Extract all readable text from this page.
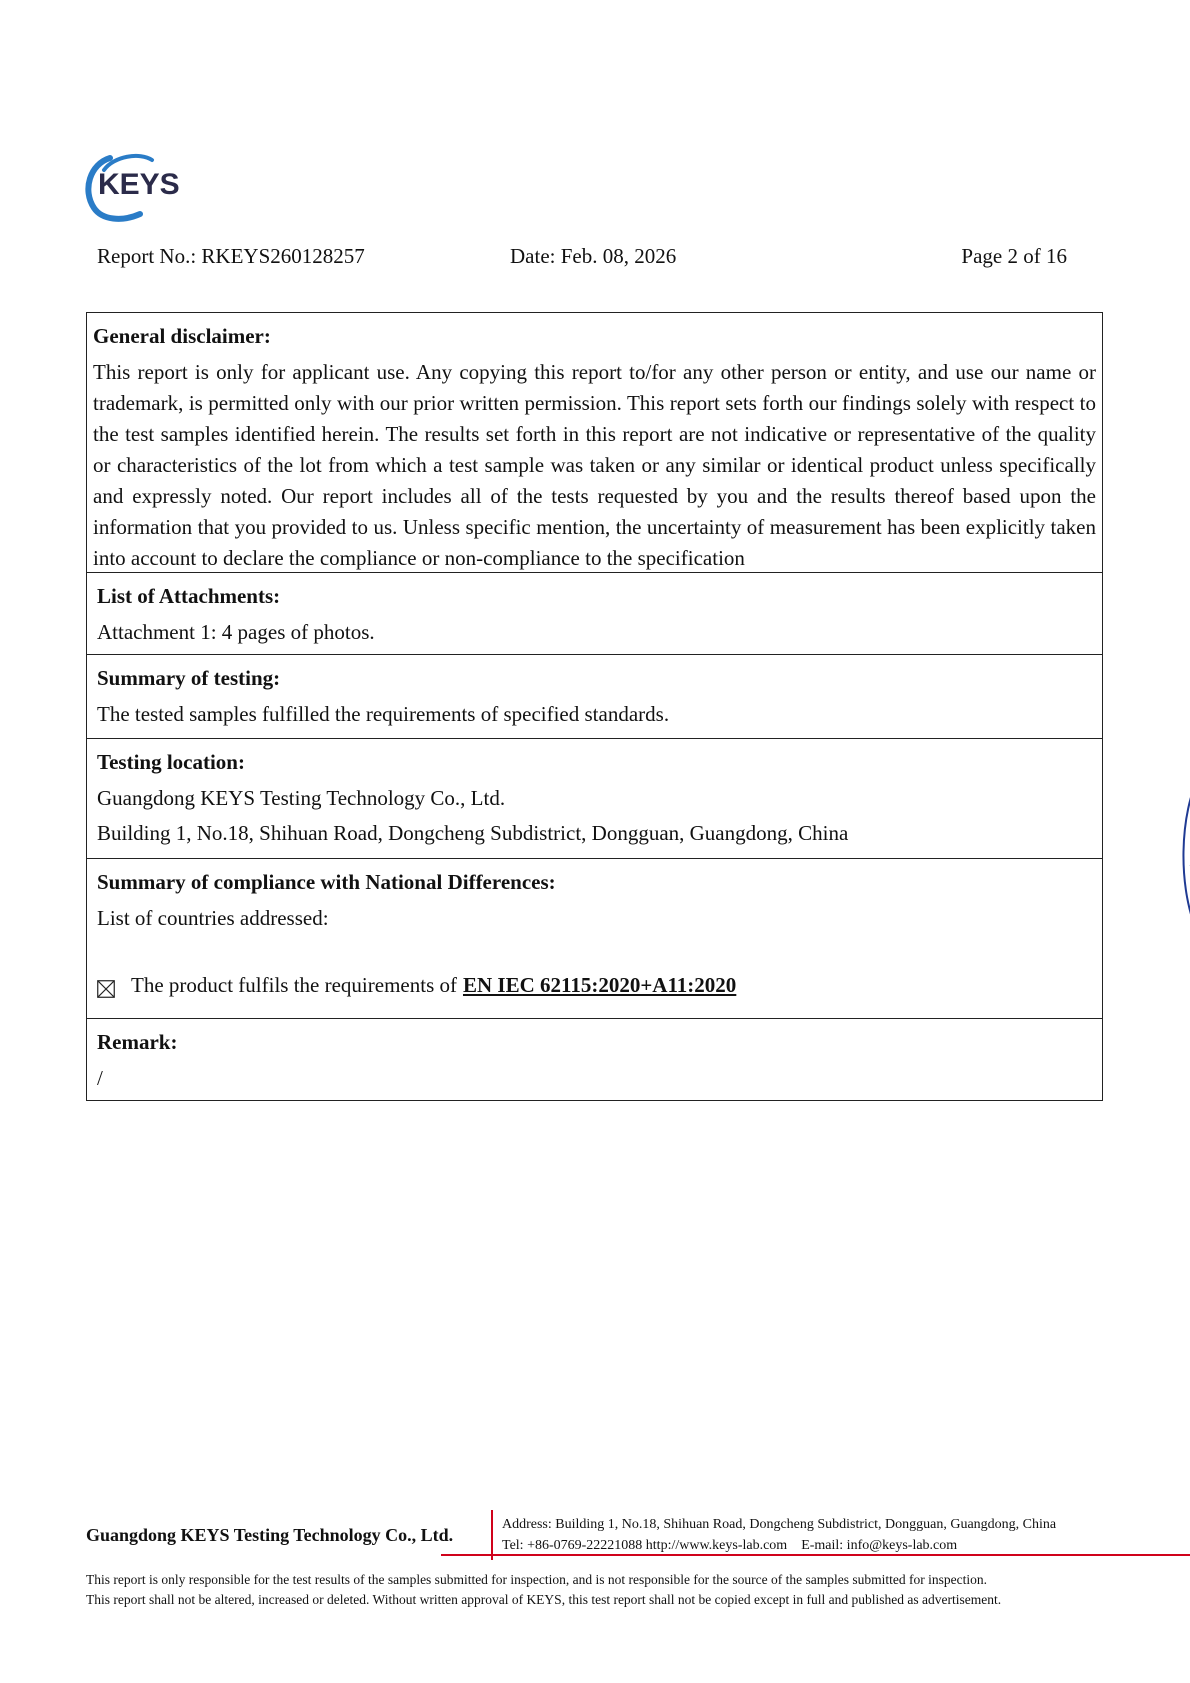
KEYS
Report No.: RKEYS260128257	Date: Feb. 08, 2026	Page 2 of 16
General disclaimer:

This report is only for applicant use. Any copying this report to/for any other person or entity, and use our name or trademark, is permitted only with our prior written permission. This report sets forth our findings solely with respect to the test samples identified herein. The results set forth in this report are not indicative or representative of the quality or characteristics of the lot from which a test sample was taken or any similar or identical product unless specifically and expressly noted. Our report includes all of the tests requested by you and the results thereof based upon the information that you provided to us. Unless specific mention, the uncertainty of measurement has been explicitly taken into account to declare the compliance or non-compliance to the specification

List of Attachments:

Attachment 1: 4 pages of photos.

Summary of testing:

The tested samples fulfilled the requirements of specified standards.

Testing location:

Guangdong KEYS Testing Technology Co., Ltd.

Building 1, No.18, Shihuan Road, Dongcheng Subdistrict, Dongguan, Guangdong, China

Summary of compliance with National Differences:

List of countries addressed:

The product fulfils the requirements of EN IEC 62115:2020+A11:2020
Remark:

/

Guangdong KEYS Testing Technology Co., Ltd.
Address: Building 1, No.18, Shihuan Road, Dongcheng Subdistrict, Dongguan, Guangdong, China
Tel: +86-0769-22221088 http://www.keys-lab.com    E-mail: info@keys-lab.com
This report is only responsible for the test results of the samples submitted for inspection, and is not responsible for the source of the samples submitted for inspection.
This report shall not be altered, increased or deleted. Without written approval of KEYS, this test report shall not be copied except in full and published as advertisement.
